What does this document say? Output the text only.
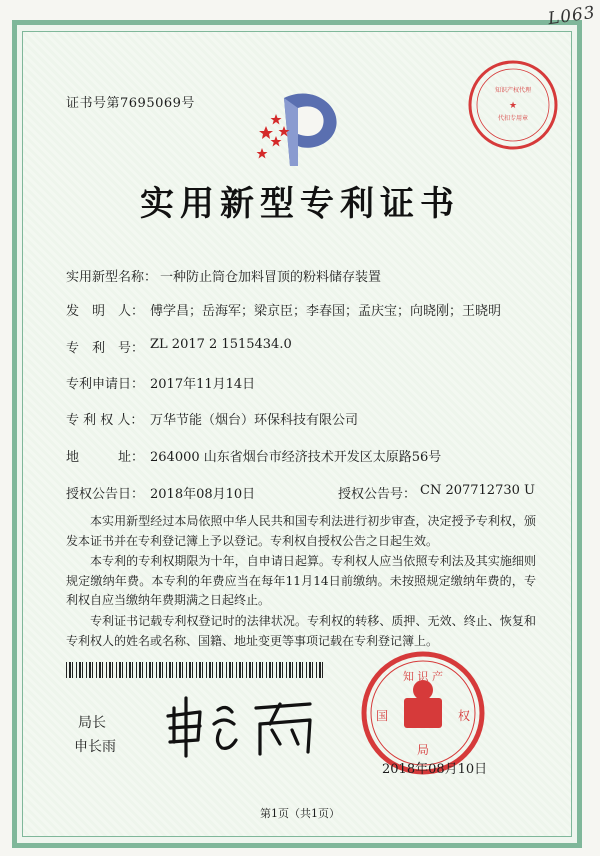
L063
证书号第7695069号	★
知识产权代理
代扣专用章
实用新型专利证书
实用新型名称： 一种防止筒仓加料冒顶的粉料储存装置
发　明　人： 傅学昌；岳海军；梁京臣；李春国；孟庆宝；向晓刚；王晓明
专　利　号： ZL 2017 2 1515434.0
专利申请日： 2017年11月14日
专 利 权 人： 万华节能（烟台）环保科技有限公司
地　　　址： 264000 山东省烟台市经济技术开发区太原路56号
授权公告日： 2018年08月10日	授权公告号： CN 207712730 U
本实用新型经过本局依照中华人民共和国专利法进行初步审查，决定授予专利权，颁发本证书并在专利登记簿上予以登记。专利权自授权公告之日起生效。
本专利的专利权期限为十年，自申请日起算。专利权人应当依照专利法及其实施细则规定缴纳年费。本专利的年费应当在每年11月14日前缴纳。未按照规定缴纳年费的，专利权自应当缴纳年费期满之日起终止。
专利证书记载专利权登记时的法律状况。专利权的转移、质押、无效、终止、恢复和专利权人的姓名或名称、国籍、地址变更等事项记载在专利登记簿上。
局长
申长雨
知 识 产
国	权
局
2018年08月10日
第1页（共1页）
